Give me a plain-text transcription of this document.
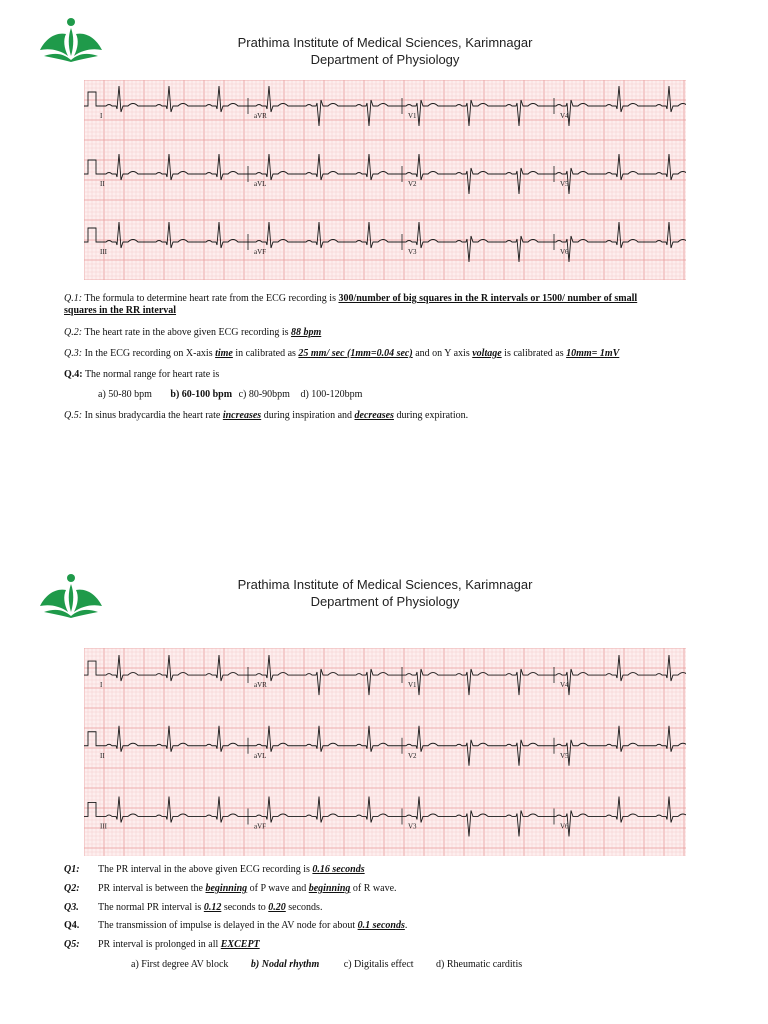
Prathima Institute of Medical Sciences, Karimnagar
Department of Physiology
I	aVR	V1	V4
II	aVL	V2	V5
III	aVF	V3	V6
Q.1: The formula to determine heart rate from the ECG recording is 300/number of big squares in the R intervals or 1500/ number of small
squares in the RR interval
Q.2: The heart rate in the above given ECG recording is 88 bpm
Q.3: In the ECG recording on X-axis time in calibrated as 25 mm/ sec (1mm=0.04 sec) and on Y axis voltage is calibrated as 10mm= 1mV
Q.4: The normal range for heart rate is
a) 50-80 bpm b) 60-100 bpm c) 80-90bpm d) 100-120bpm
Q.5: In sinus bradycardia the heart rate increases during inspiration and decreases during expiration.
Prathima Institute of Medical Sciences, Karimnagar
Department of Physiology
I	aVR	V1	V4
II	aVL	V2	V5
III	aVF	V3	V6
Q1: The PR interval in the above given ECG recording is 0.16 seconds
Q2: PR interval is between the beginning of P wave and beginning of R wave.
Q3. The normal PR interval is 0.12 seconds to 0.20 seconds.
Q4. The transmission of impulse is delayed in the AV node for about 0.1 seconds.
Q5: PR interval is prolonged in all EXCEPT
a) First degree AV block b) Nodal rhythm c) Digitalis effect d) Rheumatic carditis
